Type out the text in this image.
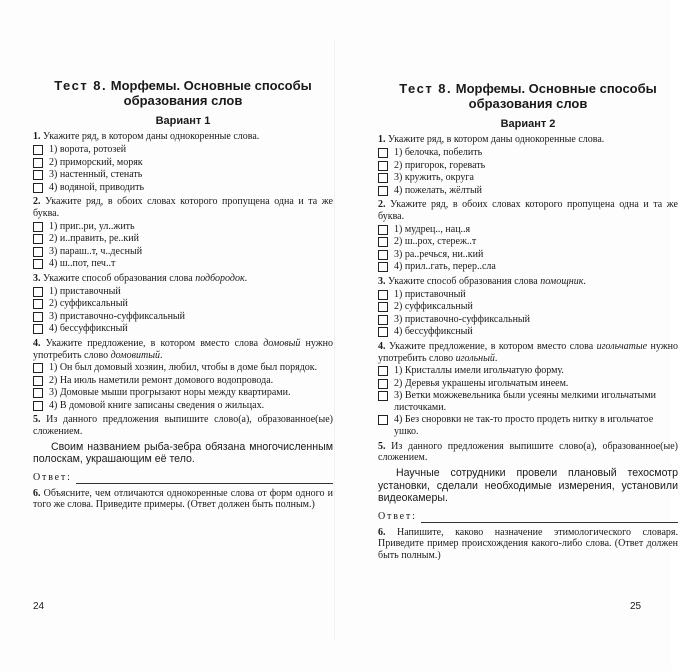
Тест 8. Морфемы. Основные способы
образования слов
Вариант 1
1. Укажите ряд, в котором даны однокоренные слова.
1) ворота, ротозей
2) приморский, моряк
3) настенный, стенать
4) водяной, приводить
2. Укажите ряд, в обоих словах которого пропущена одна и та же буква.
1) приг..ри, ул..жить
2) и..править, ре..кий
3) параш..т, ч..десный
4) ш..пот, печ..т
3. Укажите способ образования слова подбородок.
1) приставочный
2) суффиксальный
3) приставочно-суффиксальный
4) бессуффиксный
4. Укажите предложение, в котором вместо слова домовый нужно употребить слово домовитый.
1) Он был домовый хозяин, любил, чтобы в доме был порядок.
2) На июль наметили ремонт домового водопровода.
3) Домовые мыши прогрызают норы между квартирами.
4) В домовой книге записаны сведения о жильцах.
5. Из данного предложения выпишите слово(а), образованное(ые) сложением.
Своим названием рыба-зебра обязана многочисленным полоскам, украшающим её тело.
Ответ:
6. Объясните, чем отличаются однокоренные слова от форм одного и того же слова. Приведите примеры. (Ответ должен быть полным.)
Тест 8. Морфемы. Основные способы
образования слов
Вариант 2
1. Укажите ряд, в котором даны однокоренные слова.
1) белочка, побелить
2) пригорок, горевать
3) кружить, округа
4) пожелать, жёлтый
2. Укажите ряд, в обоих словах которого пропущена одна и та же буква.
1) мудрец.., нац..я
2) ш..рох, стереж..т
3) ра..речься, ни..кий
4) прил..гать, перер..сла
3. Укажите способ образования слова помощник.
1) приставочный
2) суффиксальный
3) приставочно-суффиксальный
4) бессуффиксный
4. Укажите предложение, в котором вместо слова игольчатые нужно употребить слово игольный.
1) Кристаллы имели игольчатую форму.
2) Деревья украшены игольчатым инеем.
3) Ветки можжевельника были усеяны мелкими игольчатыми листочками.
4) Без сноровки не так-то просто продеть нитку в игольчатое ушко.
5. Из данного предложения выпишите слово(а), образованное(ые) сложением.
Научные сотрудники провели плановый техосмотр установки, сделали необходимые измерения, установили видеокамеры.
Ответ:
6. Напишите, каково назначение этимологического словаря. Приведите пример происхождения какого-либо слова. (Ответ должен быть полным.)
24	25
